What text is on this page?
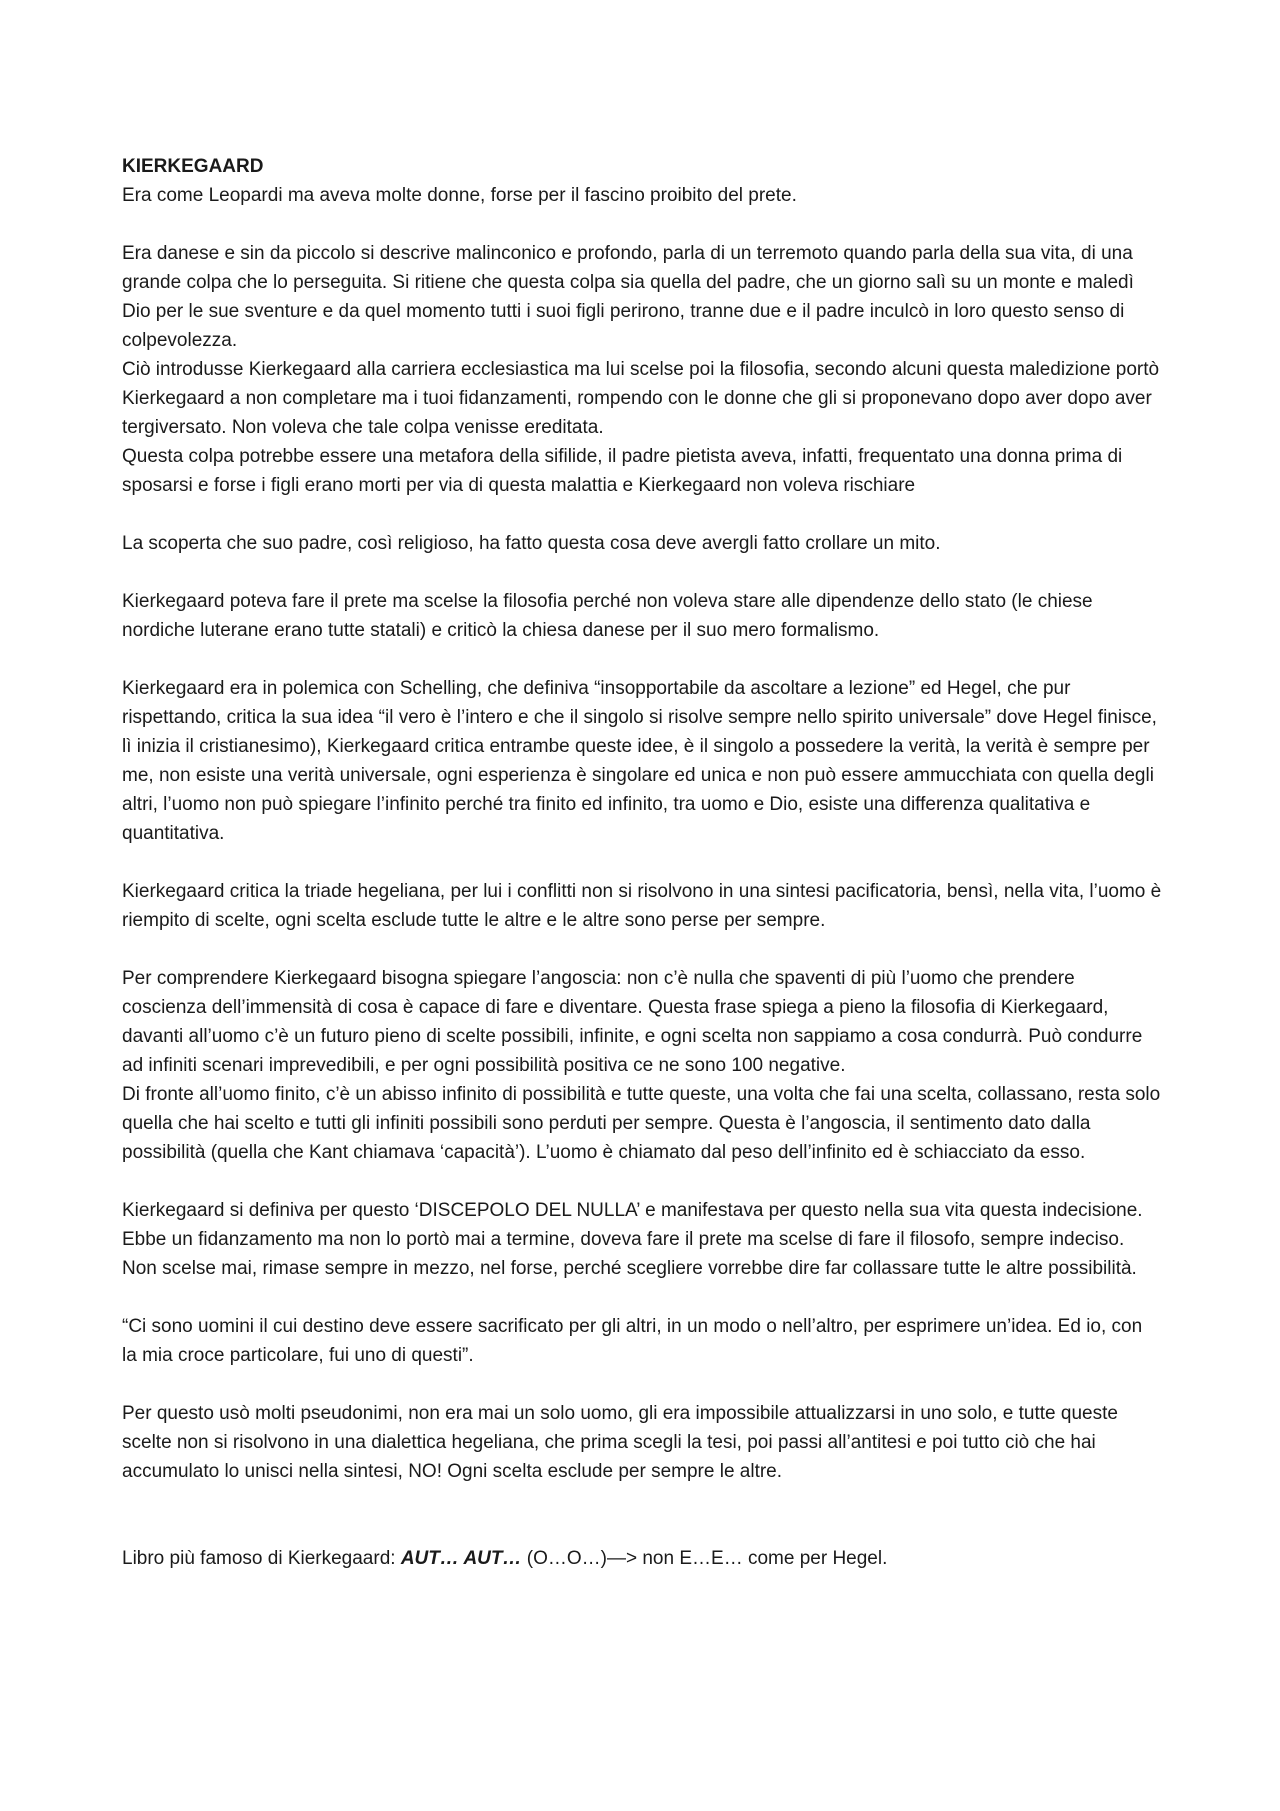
KIERKEGAARD

Era come Leopardi ma aveva molte donne, forse per il fascino proibito del prete.

Era danese e sin da piccolo si descrive malinconico e profondo, parla di un terremoto quando parla della sua vita, di una grande colpa che lo perseguita. Si ritiene che questa colpa sia quella del padre, che un giorno salì su un monte e maledì Dio per le sue sventure e da quel momento tutti i suoi figli perirono, tranne due e il padre inculcò in loro questo senso di colpevolezza.

Ciò introdusse Kierkegaard alla carriera ecclesiastica ma lui scelse poi la filosofia, secondo alcuni questa maledizione portò Kierkegaard a non completare ma i tuoi fidanzamenti, rompendo con le donne che gli si proponevano dopo aver dopo aver tergiversato. Non voleva che tale colpa venisse ereditata.

Questa colpa potrebbe essere una metafora della sifilide, il padre pietista aveva, infatti, frequentato una donna prima di sposarsi e forse i figli erano morti per via di questa malattia e Kierkegaard non voleva rischiare

La scoperta che suo padre, così religioso, ha fatto questa cosa deve avergli fatto crollare un mito.

Kierkegaard poteva fare il prete ma scelse la filosofia perché non voleva stare alle dipendenze dello stato (le chiese nordiche luterane erano tutte statali) e criticò la chiesa danese per il suo mero formalismo.

Kierkegaard era in polemica con Schelling, che definiva “insopportabile da ascoltare a lezione” ed Hegel, che pur rispettando, critica la sua idea “il vero è l’intero e che il singolo si risolve sempre nello spirito universale” dove Hegel finisce, lì inizia il cristianesimo), Kierkegaard critica entrambe queste idee, è il singolo a possedere la verità, la verità è sempre per me, non esiste una verità universale, ogni esperienza è singolare ed unica e non può essere ammucchiata con quella degli altri, l’uomo non può spiegare l’infinito perché tra finito ed infinito, tra uomo e Dio, esiste una differenza qualitativa e quantitativa.

Kierkegaard critica la triade hegeliana, per lui i conflitti non si risolvono in una sintesi pacificatoria, bensì, nella vita, l’uomo è riempito di scelte, ogni scelta esclude tutte le altre e le altre sono perse per sempre.

Per comprendere Kierkegaard bisogna spiegare l’angoscia: non c’è nulla che spaventi di più l’uomo che prendere coscienza dell’immensità di cosa è capace di fare e diventare. Questa frase spiega a pieno la filosofia di Kierkegaard, davanti all’uomo c’è un futuro pieno di scelte possibili, infinite, e ogni scelta non sappiamo a cosa condurrà. Può condurre ad infiniti scenari imprevedibili, e per ogni possibilità positiva ce ne sono 100 negative.

Di fronte all’uomo finito, c’è un abisso infinito di possibilità e tutte queste, una volta che fai una scelta, collassano, resta solo quella che hai scelto e tutti gli infiniti possibili sono perduti per sempre. Questa è l’angoscia, il sentimento dato dalla possibilità (quella che Kant chiamava ‘capacità’). L’uomo è chiamato dal peso dell’infinito ed è schiacciato da esso.

Kierkegaard si definiva per questo ‘DISCEPOLO DEL NULLA’ e manifestava per questo nella sua vita questa indecisione. Ebbe un fidanzamento ma non lo portò mai a termine, doveva fare il prete ma scelse di fare il filosofo, sempre indeciso. Non scelse mai, rimase sempre in mezzo, nel forse, perché scegliere vorrebbe dire far collassare tutte le altre possibilità.

“Ci sono uomini il cui destino deve essere sacrificato per gli altri, in un modo o nell’altro, per esprimere un’idea. Ed io, con la mia croce particolare, fui uno di questi”.

Per questo usò molti pseudonimi, non era mai un solo uomo, gli era impossibile attualizzarsi in uno solo, e tutte queste scelte non si risolvono in una dialettica hegeliana, che prima scegli la tesi, poi passi all’antitesi e poi tutto ciò che hai accumulato lo unisci nella sintesi, NO! Ogni scelta esclude per sempre le altre.

Libro più famoso di Kierkegaard: AUT… AUT… (O…O…)—> non E…E… come per Hegel.
